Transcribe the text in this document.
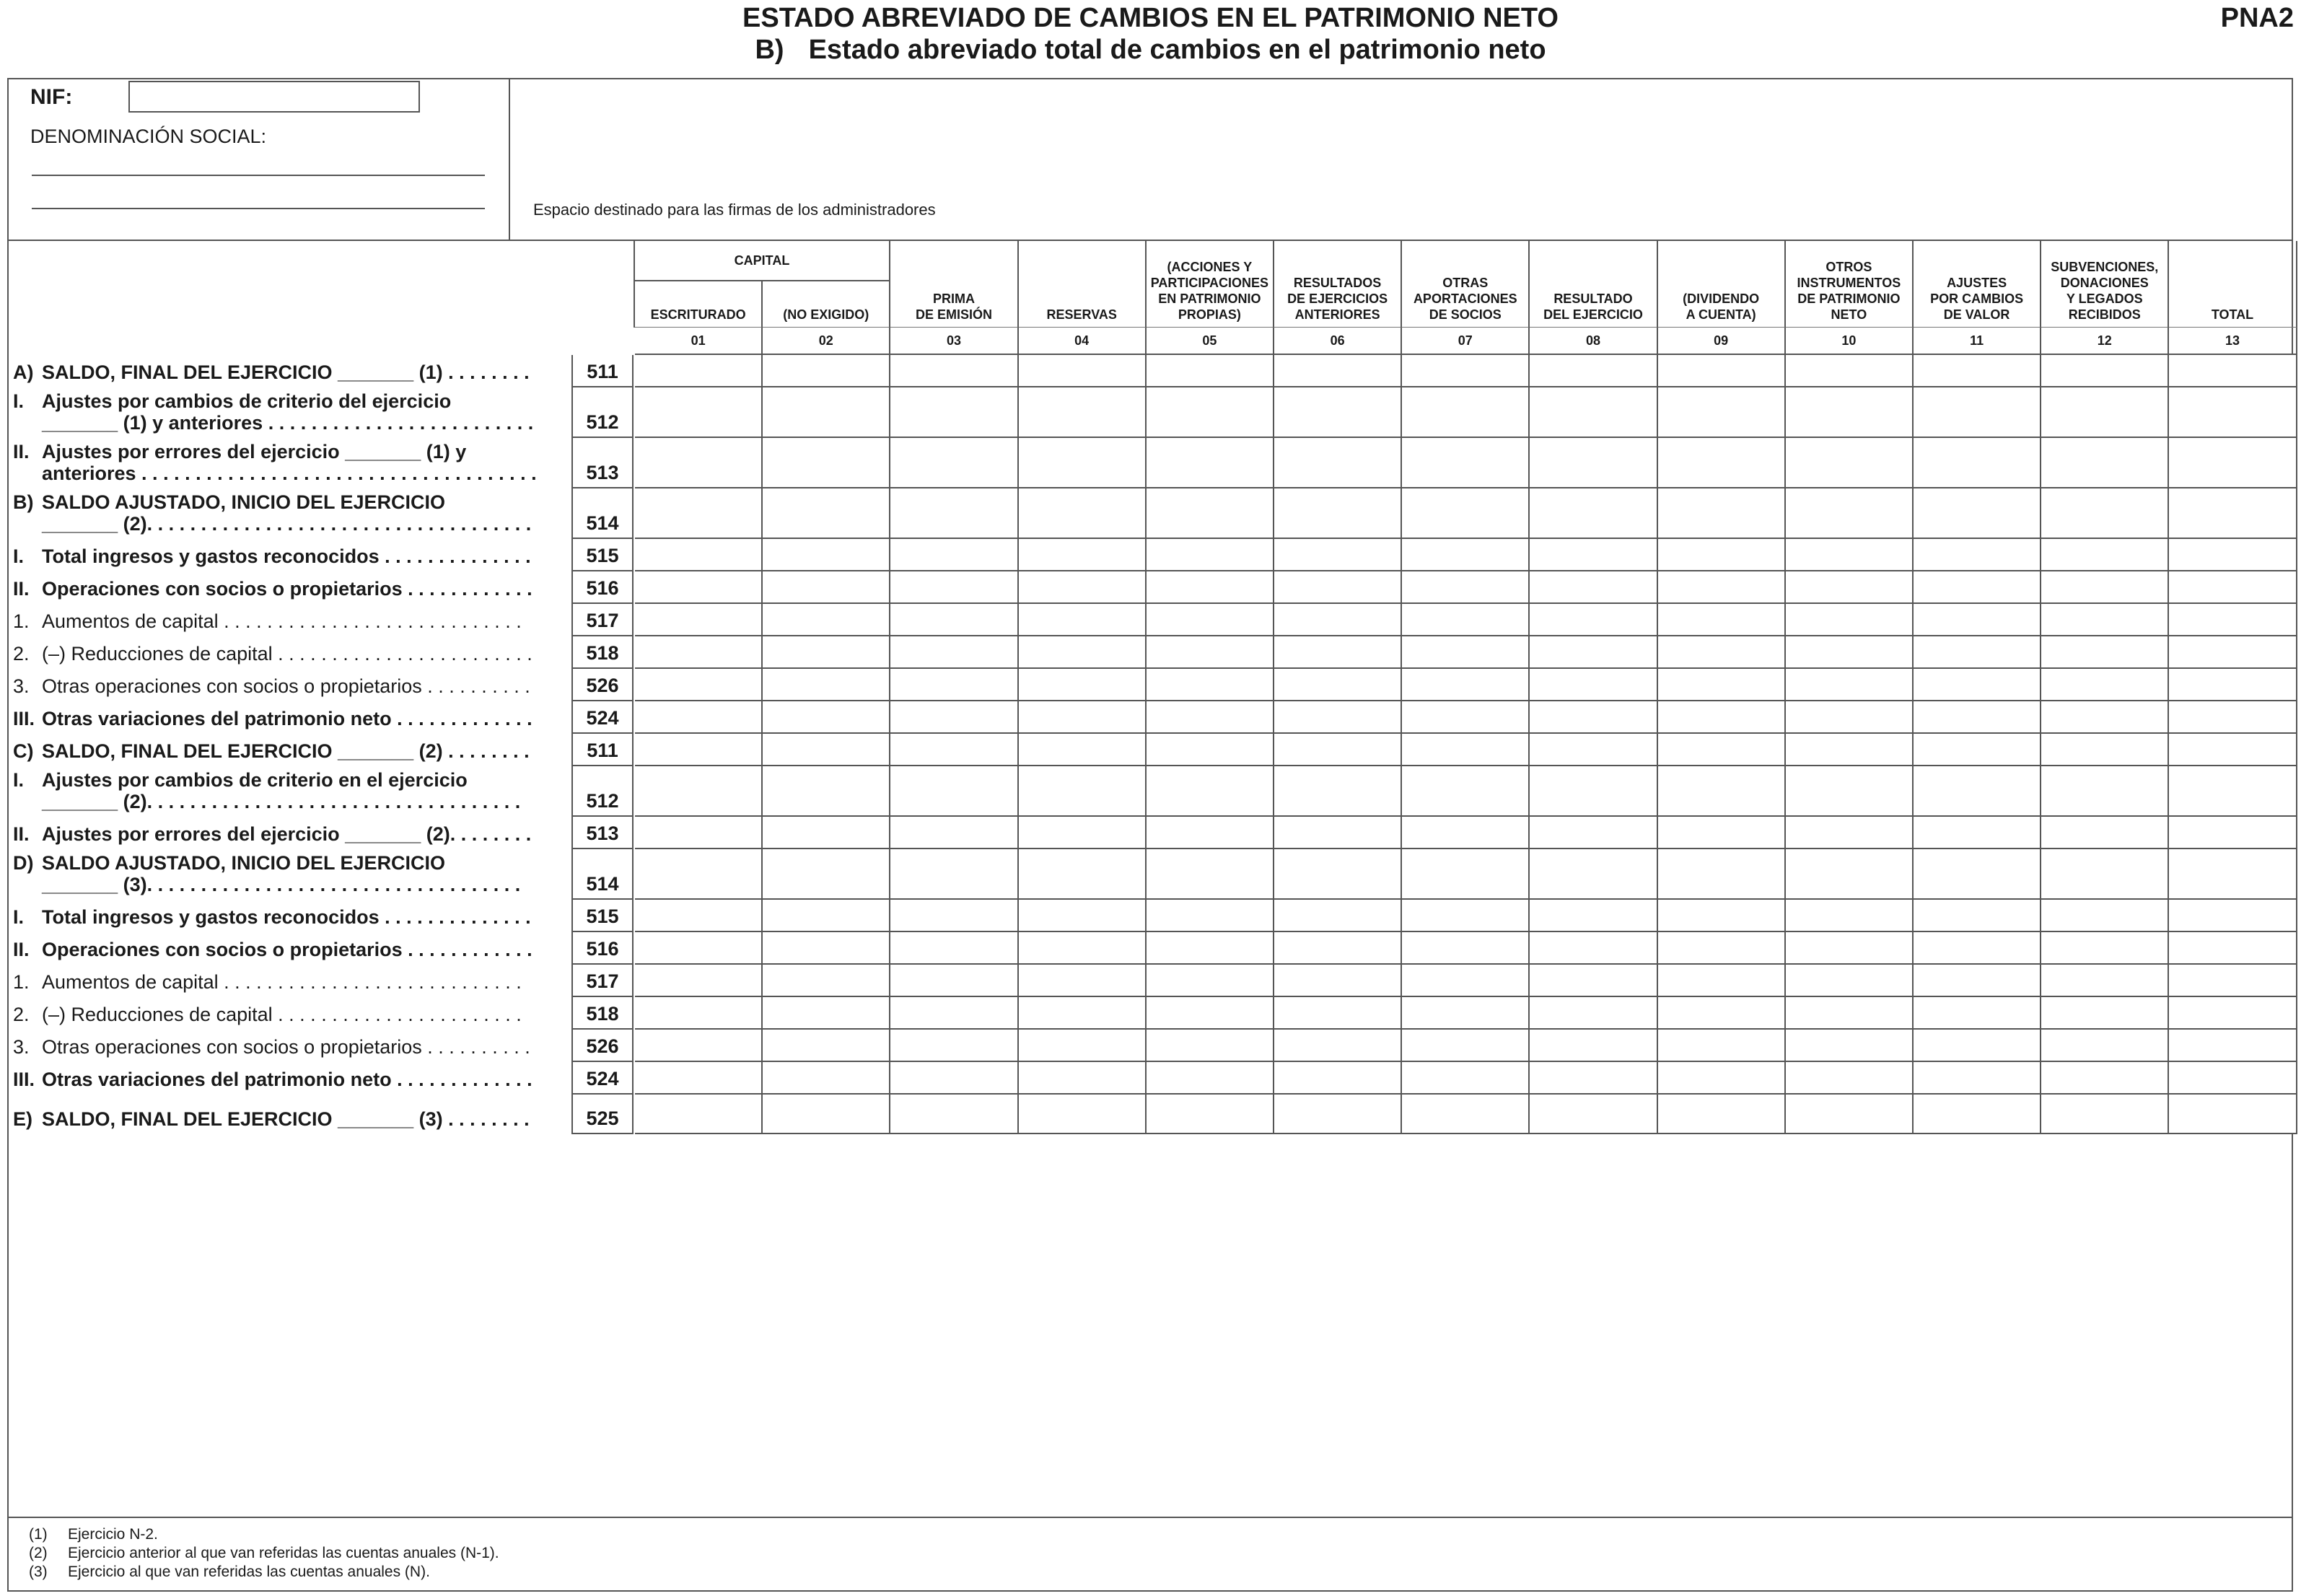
ESTADO ABREVIADO DE CAMBIOS EN EL PATRIMONIO NETO
B) Estado abreviado total de cambios en el patrimonio neto
PNA2
NIF:
DENOMINACIÓN SOCIAL:
Espacio destinado para las firmas de los administradores
CAPITAL
ESCRITURADO
01
(NO EXIGIDO)
02
PRIMA
DE EMISIÓN
03
RESERVAS
04
(ACCIONES Y
PARTICIPACIONES
EN PATRIMONIO
PROPIAS)
05
RESULTADOS
DE EJERCICIOS
ANTERIORES
06
OTRAS
APORTACIONES
DE SOCIOS
07
RESULTADO
DEL EJERCICIO
08
(DIVIDENDO
A CUENTA)
09
OTROS
INSTRUMENTOS
DE PATRIMONIO
NETO
10
AJUSTES
POR CAMBIOS
DE VALOR
11
SUBVENCIONES,
DONACIONES
Y LEGADOS
RECIBIDOS
12
TOTAL
13
A) SALDO, FINAL DEL EJERCICIO _______ (1) . . . . . . . .	511
I. Ajustes por cambios de criterio del ejercicio
_______ (1) y anteriores . . . . . . . . . . . . . . . . . . . . . . . . .	512
II. Ajustes por errores del ejercicio _______ (1) y
anteriores . . . . . . . . . . . . . . . . . . . . . . . . . . . . . . . . . . . . .	513
B) SALDO AJUSTADO, INICIO DEL EJERCICIO
_______ (2). . . . . . . . . . . . . . . . . . . . . . . . . . . . . . . . . . . .	514
I. Total ingresos y gastos reconocidos . . . . . . . . . . . . . .	515
II. Operaciones con socios o propietarios . . . . . . . . . . . .	516
1. Aumentos de capital . . . . . . . . . . . . . . . . . . . . . . . . . . . .	517
2. (–) Reducciones de capital . . . . . . . . . . . . . . . . . . . . . . . .	518
3. Otras operaciones con socios o propietarios . . . . . . . . . .	526
III. Otras variaciones del patrimonio neto . . . . . . . . . . . . .	524
C) SALDO, FINAL DEL EJERCICIO _______ (2) . . . . . . . .	511
I. Ajustes por cambios de criterio en el ejercicio
_______ (2). . . . . . . . . . . . . . . . . . . . . . . . . . . . . . . . . . .	512
II. Ajustes por errores del ejercicio _______ (2). . . . . . . .	513
D) SALDO AJUSTADO, INICIO DEL EJERCICIO
_______ (3). . . . . . . . . . . . . . . . . . . . . . . . . . . . . . . . . . .	514
I. Total ingresos y gastos reconocidos . . . . . . . . . . . . . .	515
II. Operaciones con socios o propietarios . . . . . . . . . . . .	516
1. Aumentos de capital . . . . . . . . . . . . . . . . . . . . . . . . . . . .	517
2. (–) Reducciones de capital . . . . . . . . . . . . . . . . . . . . . . .	518
3. Otras operaciones con socios o propietarios . . . . . . . . . .	526
III. Otras variaciones del patrimonio neto . . . . . . . . . . . . .	524
E) SALDO, FINAL DEL EJERCICIO _______ (3) . . . . . . . .	525
(1) Ejercicio N-2.
(2) Ejercicio anterior al que van referidas las cuentas anuales (N-1).
(3) Ejercicio al que van referidas las cuentas anuales (N).
